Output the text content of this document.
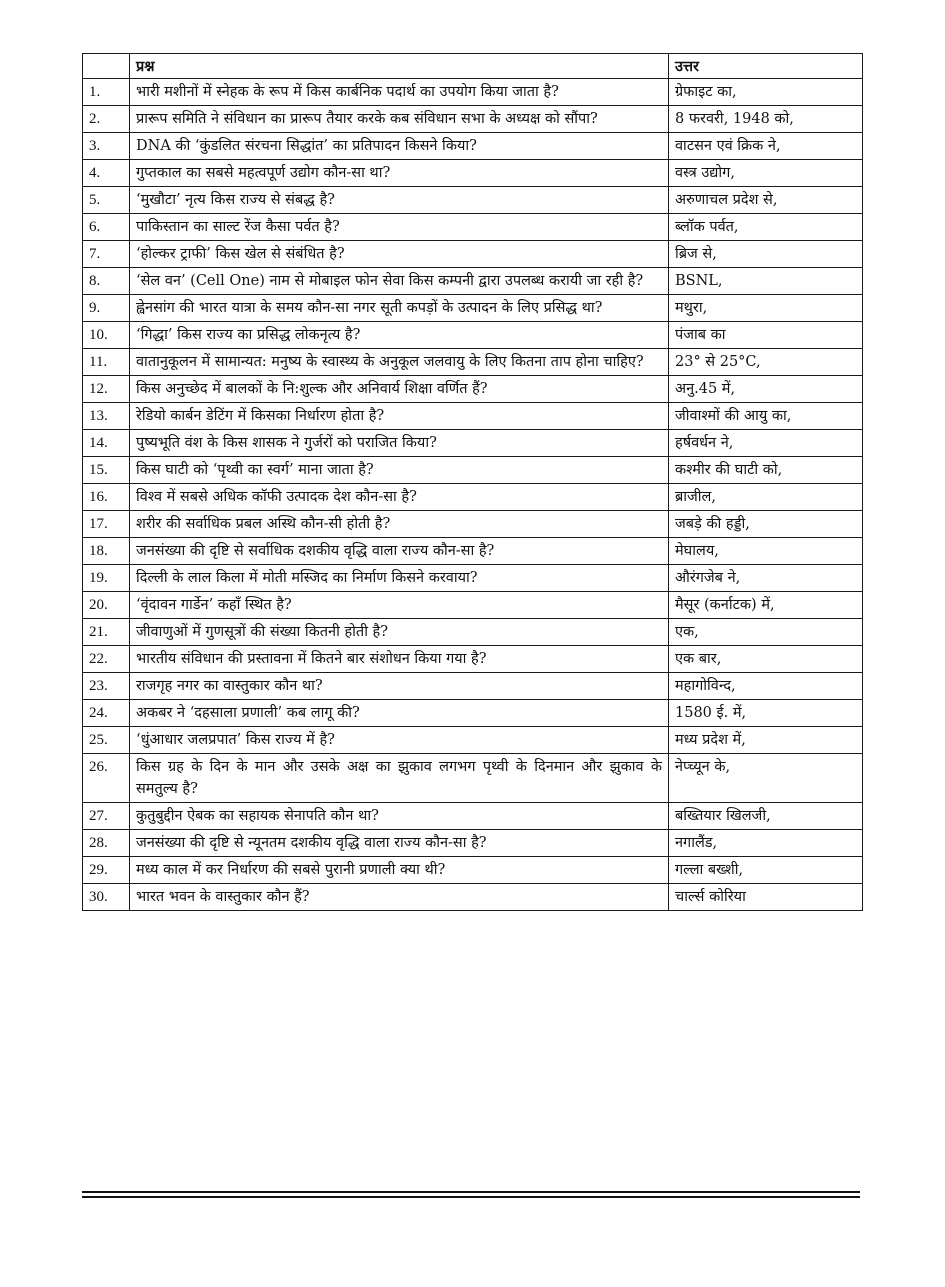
	प्रश्न	उत्तर
1.	भारी मशीनों में स्नेहक के रूप में किस कार्बनिक पदार्थ का उपयोग किया जाता है?	ग्रेफाइट का,
2.	प्रारूप समिति ने संविधान का प्रारूप तैयार करके कब संविधान सभा के अध्यक्ष को सौंपा?	8 फरवरी, 1948 को,
3.	DNA की ‘कुंडलित संरचना सिद्धांत’ का प्रतिपादन किसने किया?	वाटसन एवं क्रिक ने,
4.	गुप्तकाल का सबसे महत्वपूर्ण उद्योग कौन-सा था?	वस्त्र उद्योग,
5.	‘मुखौटा’ नृत्य किस राज्य से संबद्ध है?	अरुणाचल प्रदेश से,
6.	पाकिस्तान का साल्ट रेंज कैसा पर्वत है?	ब्लॉक पर्वत,
7.	‘होल्कर ट्राफी’ किस खेल से संबंधित है?	ब्रिज से,
8.	‘सेल वन’ (Cell One) नाम से मोबाइल फोन सेवा किस कम्पनी द्वारा उपलब्ध करायी जा रही है?	BSNL,
9.	ह्वेनसांग की भारत यात्रा के समय कौन-सा नगर सूती कपड़ों के उत्पादन के लिए प्रसिद्ध था?	मथुरा,
10.	‘गिद्धा’ किस राज्य का प्रसिद्ध लोकनृत्य है?	पंजाब का
11.	वातानुकूलन में सामान्यत: मनुष्य के स्वास्थ्य के अनुकूल जलवायु के लिए कितना ताप होना चाहिए?	23° से 25°C,
12.	किस अनुच्छेद में बालकों के नि:शुल्क और अनिवार्य शिक्षा वर्णित हैं?	अनु.45 में,
13.	रेडियो कार्बन डेटिंग में किसका निर्धारण होता है?	जीवाश्मों की आयु का,
14.	पुष्यभूति वंश के किस शासक ने गुर्जरों को पराजित किया?	हर्षवर्धन ने,
15.	किस घाटी को ‘पृथ्वी का स्वर्ग’ माना जाता है?	कश्मीर की घाटी को,
16.	विश्व में सबसे अधिक कॉफी उत्पादक देश कौन-सा है?	ब्राजील,
17.	शरीर की सर्वाधिक प्रबल अस्थि कौन-सी होती है?	जबड़े की हड्डी,
18.	जनसंख्या की दृष्टि से सर्वाधिक दशकीय वृद्धि वाला राज्य कौन-सा है?	मेघालय,
19.	दिल्ली के लाल किला में मोती मस्जिद का निर्माण किसने करवाया?	औरंगजेब ने,
20.	‘वृंदावन गार्डेन’ कहाँ स्थित है?	मैसूर (कर्नाटक) में,
21.	जीवाणुओं में गुणसूत्रों की संख्या कितनी होती है?	एक,
22.	भारतीय संविधान की प्रस्तावना में कितने बार संशोधन किया गया है?	एक बार,
23.	राजगृह नगर का वास्तुकार कौन था?	महागोविन्द,
24.	अकबर ने ‘दहसाला प्रणाली’ कब लागू की?	1580 ई. में,
25.	‘धुंआधार जलप्रपात’ किस राज्य में है?	मध्य प्रदेश में,
26.	किस ग्रह के दिन के मान और उसके अक्ष का झुकाव लगभग पृथ्वी के दिनमान और झुकाव के समतुल्य है?	नेप्च्यून के,
27.	कुतुबुद्दीन ऐबक का सहायक सेनापति कौन था?	बख्तियार खिलजी,
28.	जनसंख्या की दृष्टि से न्यूनतम दशकीय वृद्धि वाला राज्य कौन-सा है?	नगालैंड,
29.	मध्य काल में कर निर्धारण की सबसे पुरानी प्रणाली क्या थी?	गल्ला बख्शी,
30.	भारत भवन के वास्तुकार कौन हैं?	चार्ल्स कोरिया
